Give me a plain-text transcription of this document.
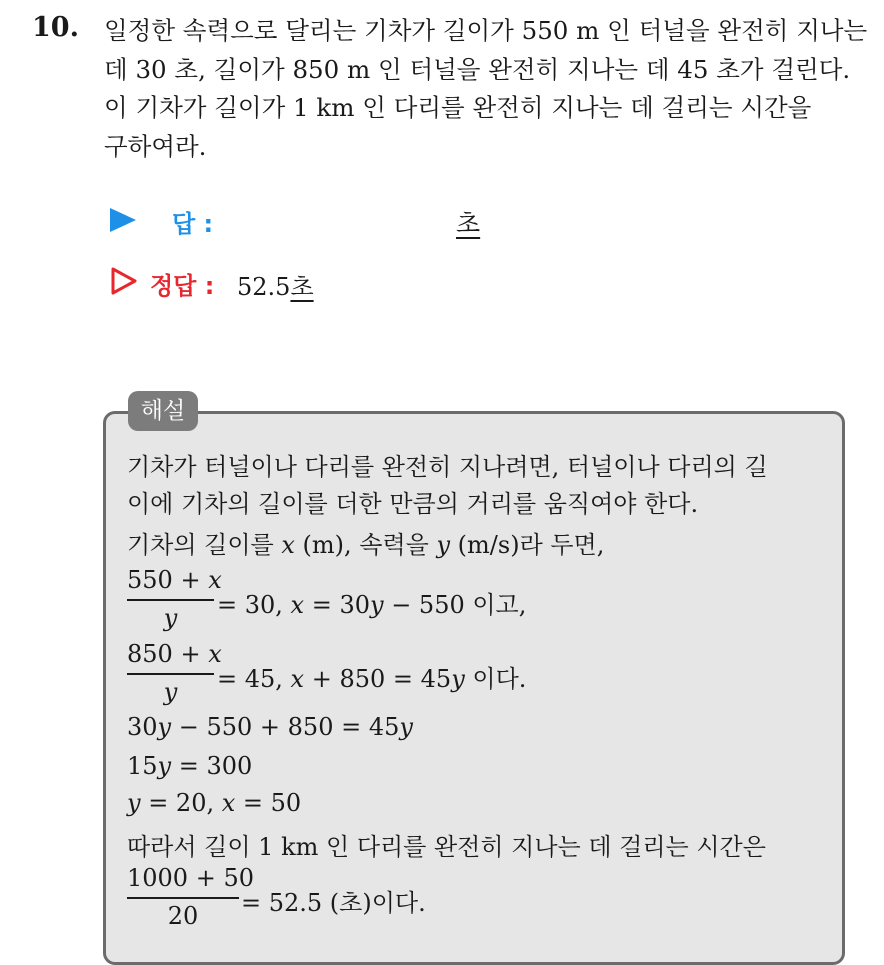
10. 일정한 속력으로 달리는 기차가 길이가 550 m 인 터널을 완전히 지나는
데 30 초, 길이가 850 m 인 터널을 완전히 지나는 데 45 초가 걸린다.
이 기차가 길이가 1 km 인 다리를 완전히 지나는 데 걸리는 시간을
구하여라.
답 :	초
정답 : 52.5초
해설
기차가 터널이나 다리를 완전히 지나려면, 터널이나 다리의 길
이에 기차의 길이를 더한 만큼의 거리를 움직여야 한다.
기차의 길이를 x (m), 속력을 y (m/s)라 두면,
550 + x
y	= 30, x = 30y − 550 이고,
850 + x
y	= 45, x + 850 = 45y 이다.
30y − 550 + 850 = 45y
15y = 300
y = 20, x = 50
따라서 길이 1 km 인 다리를 완전히 지나는 데 걸리는 시간은
1000 + 50
20	= 52.5 (초)이다.
